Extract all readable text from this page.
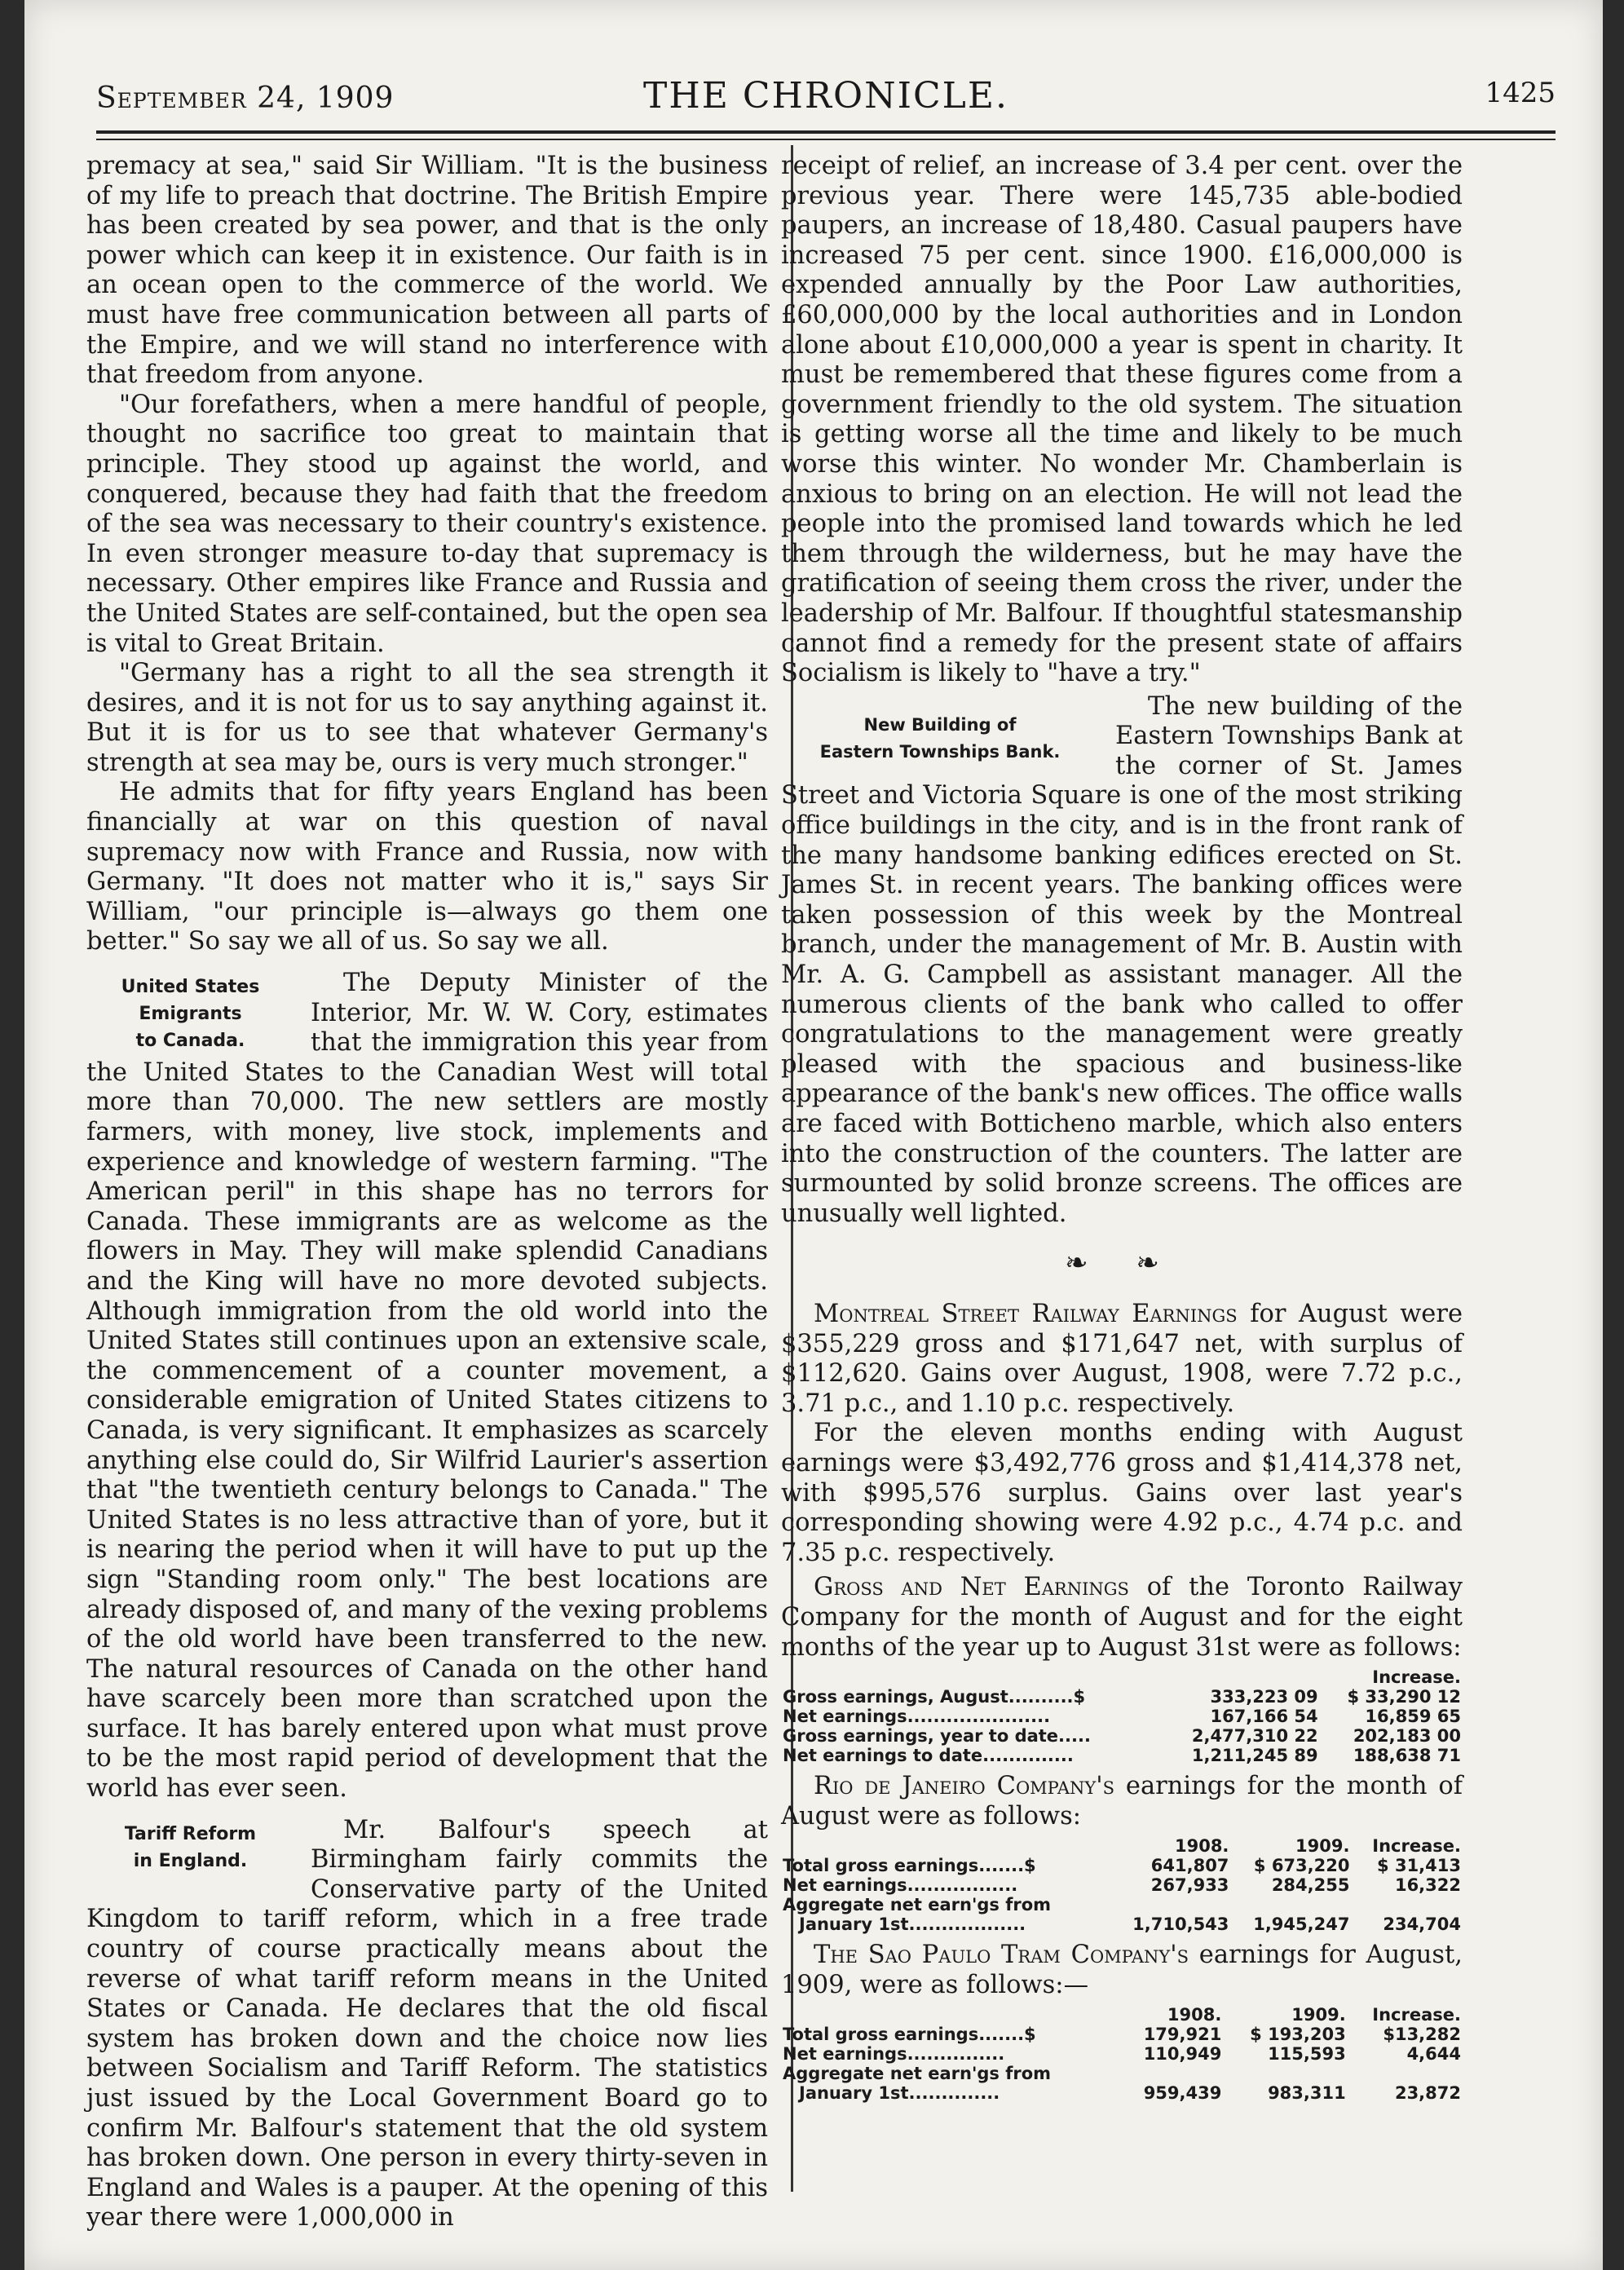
September 24, 1909	THE CHRONICLE.	1425

premacy at sea," said Sir William. "It is the business of my life to preach that doctrine. The British Empire has been created by sea power, and that is the only power which can keep it in existence. Our faith is in an ocean open to the commerce of the world. We must have free communication between all parts of the Empire, and we will stand no interference with that freedom from anyone.

"Our forefathers, when a mere handful of people, thought no sacrifice too great to maintain that principle. They stood up against the world, and conquered, because they had faith that the freedom of the sea was necessary to their country's existence. In even stronger measure to-day that supremacy is necessary. Other empires like France and Russia and the United States are self-contained, but the open sea is vital to Great Britain.

"Germany has a right to all the sea strength it desires, and it is not for us to say anything against it. But it is for us to see that whatever Germany's strength at sea may be, ours is very much stronger."

He admits that for fifty years England has been financially at war on this question of naval supremacy now with France and Russia, now with Germany. "It does not matter who it is," says Sir William, "our principle is—always go them one better." So say we all of us. So say we all.

United States
Emigrants
to Canada.

The Deputy Minister of the Interior, Mr. W. W. Cory, estimates that the immigration this year from the United States to the Canadian West will total more than 70,000. The new settlers are mostly farmers, with money, live stock, implements and experience and knowledge of western farming. "The American peril" in this shape has no terrors for Canada. These immigrants are as welcome as the flowers in May. They will make splendid Canadians and the King will have no more devoted subjects. Although immigration from the old world into the United States still continues upon an extensive scale, the commencement of a counter movement, a considerable emigration of United States citizens to Canada, is very significant. It emphasizes as scarcely anything else could do, Sir Wilfrid Laurier's assertion that "the twentieth century belongs to Canada." The United States is no less attractive than of yore, but it is nearing the period when it will have to put up the sign "Standing room only." The best locations are already disposed of, and many of the vexing problems of the old world have been transferred to the new. The natural resources of Canada on the other hand have scarcely been more than scratched upon the surface. It has barely entered upon what must prove to be the most rapid period of development that the world has ever seen.

Tariff Reform
in England.

Mr. Balfour's speech at Birmingham fairly commits the Conservative party of the United Kingdom to tariff reform, which in a free trade country of course practically means about the reverse of what tariff reform means in the United States or Canada. He declares that the old fiscal system has broken down and the choice now lies between Socialism and Tariff Reform. The statistics just issued by the Local Government Board go to confirm Mr. Balfour's statement that the old system has broken down. One person in every thirty-seven in England and Wales is a pauper. At the opening of this year there were 1,000,000 in

receipt of relief, an increase of 3.4 per cent. over the previous year. There were 145,735 able-bodied paupers, an increase of 18,480. Casual paupers have increased 75 per cent. since 1900. £16,000,000 is expended annually by the Poor Law authorities, £60,000,000 by the local authorities and in London alone about £10,000,000 a year is spent in charity. It must be remembered that these figures come from a government friendly to the old system. The situation is getting worse all the time and likely to be much worse this winter. No wonder Mr. Chamberlain is anxious to bring on an election. He will not lead the people into the promised land towards which he led them through the wilderness, but he may have the gratification of seeing them cross the river, under the leadership of Mr. Balfour. If thoughtful statesmanship cannot find a remedy for the present state of affairs Socialism is likely to "have a try."

New Building of
Eastern Townships Bank.

The new building of the Eastern Townships Bank at the corner of St. James Street and Victoria Square is one of the most striking office buildings in the city, and is in the front rank of the many handsome banking edifices erected on St. James St. in recent years. The banking offices were taken possession of this week by the Montreal branch, under the management of Mr. B. Austin with Mr. A. G. Campbell as assistant manager. All the numerous clients of the bank who called to offer congratulations to the management were greatly pleased with the spacious and business-like appearance of the bank's new offices. The office walls are faced with Botticheno marble, which also enters into the construction of the counters. The latter are surmounted by solid bronze screens. The offices are unusually well lighted.

❧ ❧

Montreal Street Railway Earnings for August were $355,229 gross and $171,647 net, with surplus of $112,620. Gains over August, 1908, were 7.72 p.c., 3.71 p.c., and 1.10 p.c. respectively.

For the eleven months ending with August earnings were $3,492,776 gross and $1,414,378 net, with $995,576 surplus. Gains over last year's corresponding showing were 4.92 p.c., 4.74 p.c. and 7.35 p.c. respectively.

Gross and Net Earnings of the Toronto Railway Company for the month of August and for the eight months of the year up to August 31st were as follows:

		Increase.
Gross earnings, August..........$	333,223 09	$ 33,290 12
Net earnings......................	167,166 54	16,859 65
Gross earnings, year to date.....	2,477,310 22	202,183 00
Net earnings to date..............	1,211,245 89	188,638 71

Rio de Janeiro Company's earnings for the month of August were as follows:

	1908.	1909.	Increase.
Total gross earnings.......$	641,807	$ 673,220	$ 31,413
Net earnings.................	267,933	284,255	16,322
Aggregate net earn'gs from			
January 1st..................	1,710,543	1,945,247	234,704

The Sao Paulo Tram Company's earnings for August, 1909, were as follows:—

	1908.	1909.	Increase.
Total gross earnings.......$	179,921	$ 193,203	$13,282
Net earnings...............	110,949	115,593	4,644
Aggregate net earn'gs from			
January 1st..............	959,439	983,311	23,872
